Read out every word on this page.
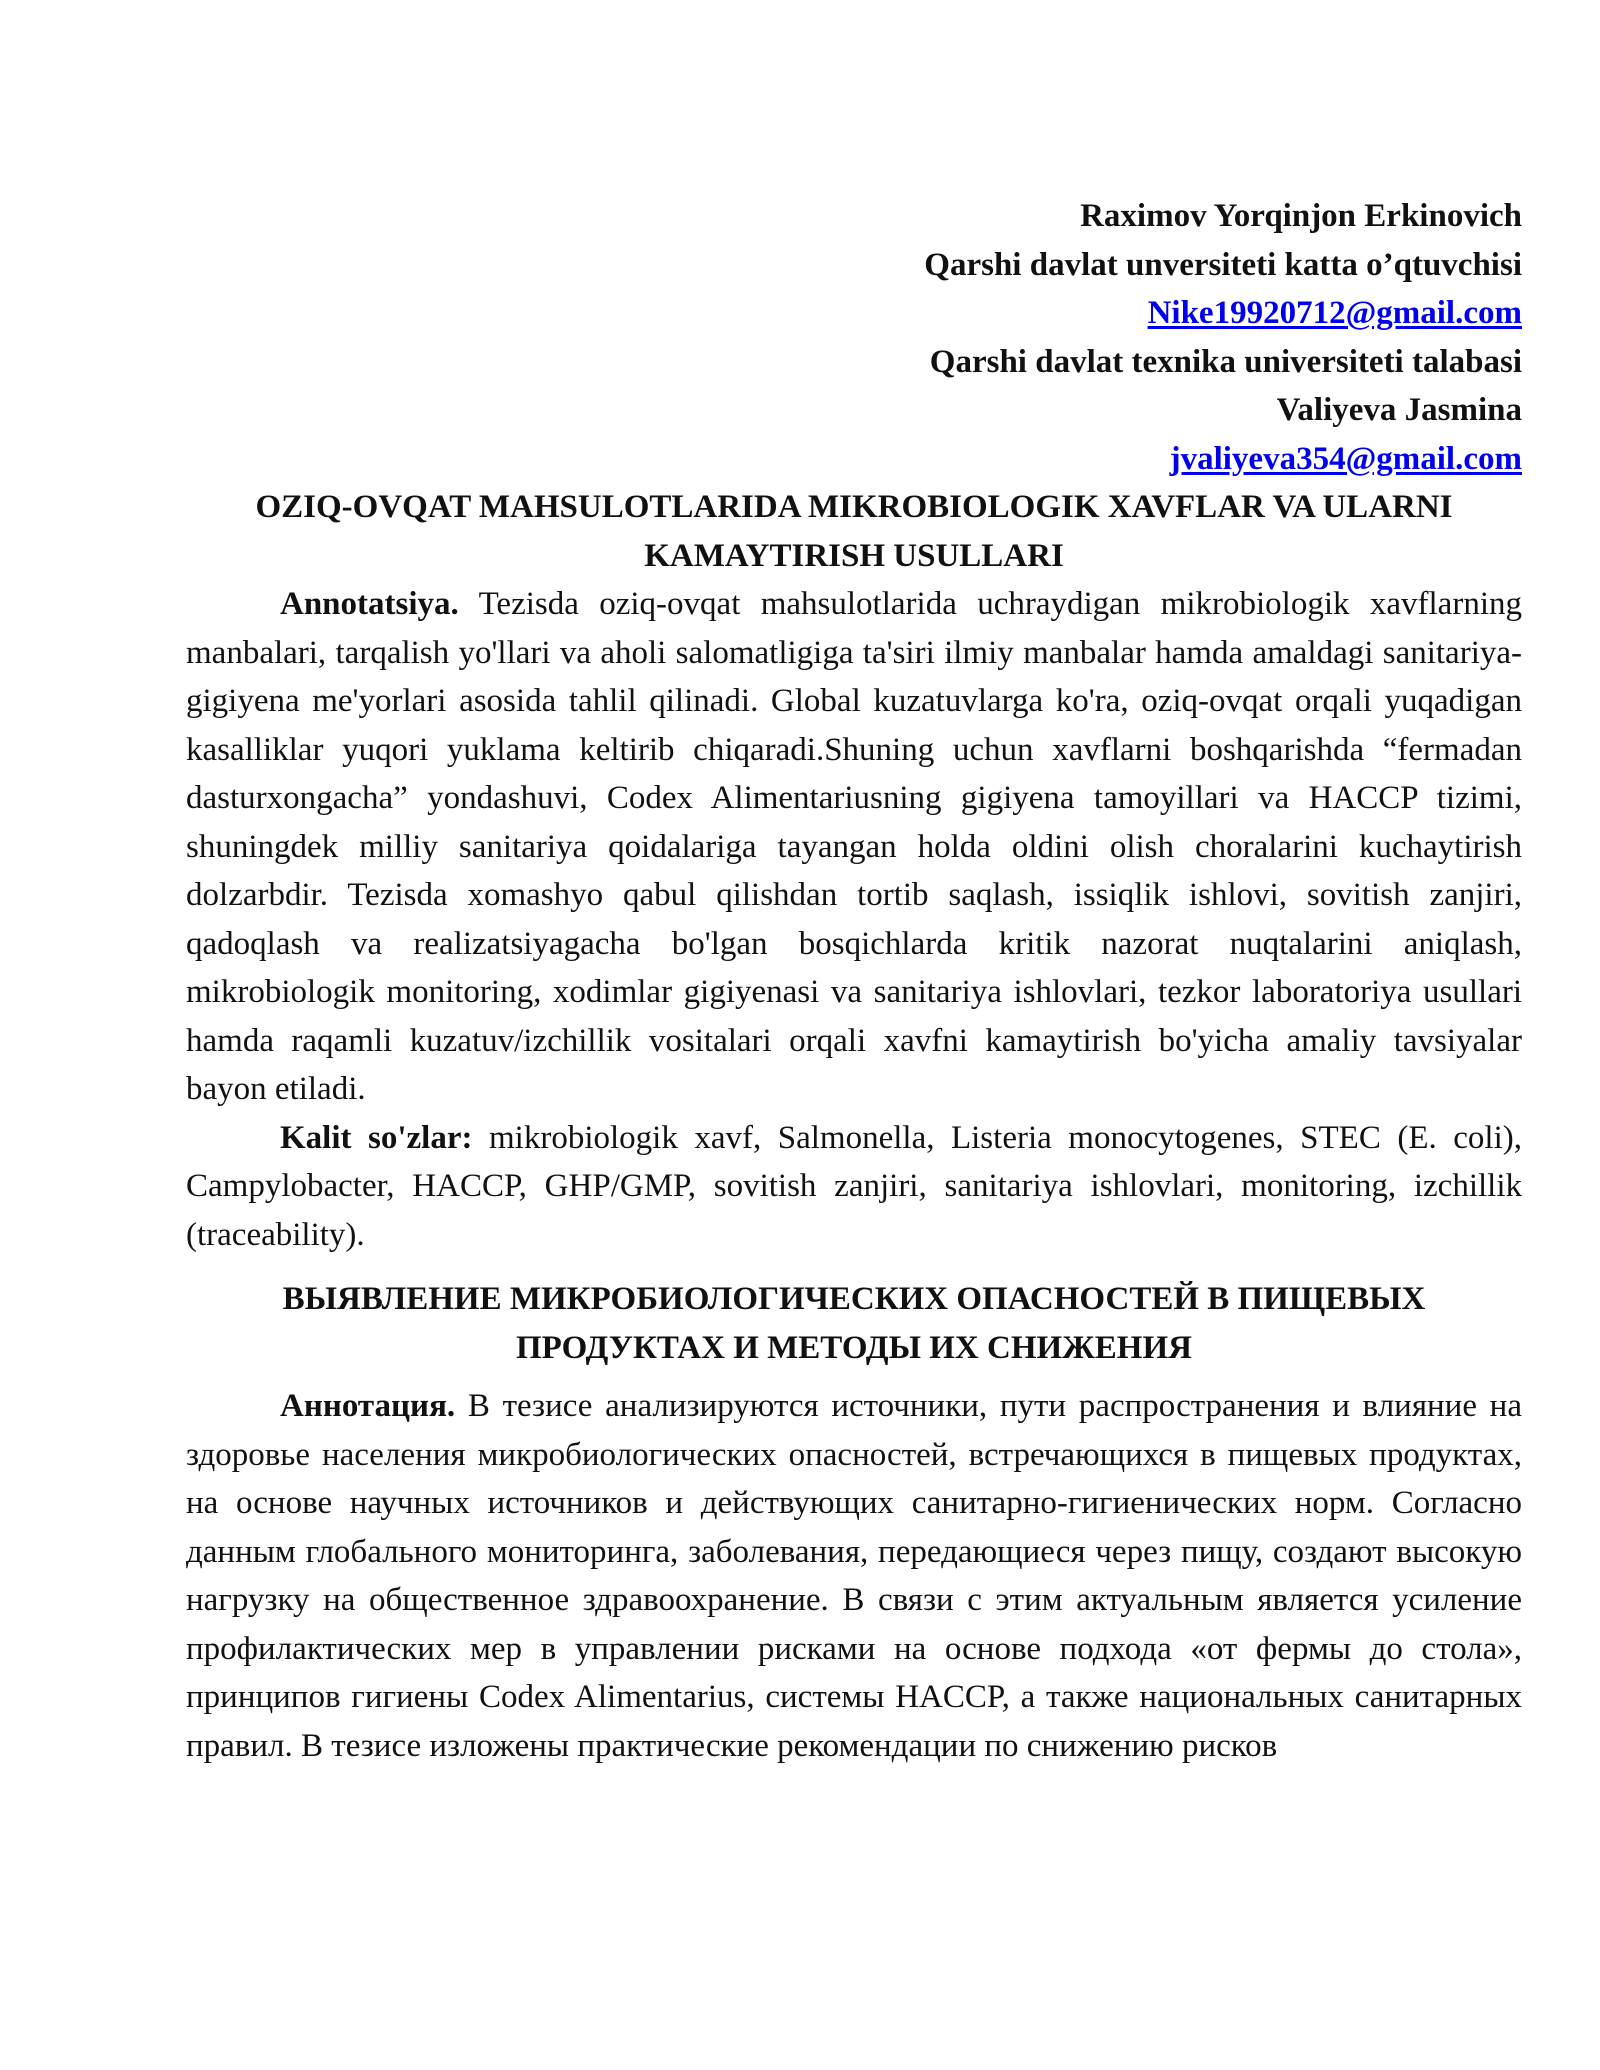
Raximov Yorqinjon Erkinovich
Qarshi davlat unversiteti katta o’qtuvchisi
Nike19920712@gmail.com
Qarshi davlat texnika universiteti talabasi
Valiyeva Jasmina
jvaliyeva354@gmail.com
OZIQ-OVQAT MAHSULOTLARIDA MIKROBIOLOGIK XAVFLAR VA ULARNI KAMAYTIRISH USULLARI

Annotatsiya. Tezisda oziq-ovqat mahsulotlarida uchraydigan mikrobiologik xavflarning manbalari, tarqalish yo'llari va aholi salomatligiga ta'siri ilmiy manbalar hamda amaldagi sanitariya-gigiyena me'yorlari asosida tahlil qilinadi. Global kuzatuvlarga ko'ra, oziq-ovqat orqali yuqadigan kasalliklar yuqori yuklama keltirib chiqaradi.Shuning uchun xavflarni boshqarishda “fermadan dasturxongacha” yondashuvi, Codex Alimentariusning gigiyena tamoyillari va HACCP tizimi, shuningdek milliy sanitariya qoidalariga tayangan holda oldini olish choralarini kuchaytirish dolzarbdir. Tezisda xomashyo qabul qilishdan tortib saqlash, issiqlik ishlovi, sovitish zanjiri, qadoqlash va realizatsiyagacha bo'lgan bosqichlarda kritik nazorat nuqtalarini aniqlash, mikrobiologik monitoring, xodimlar gigiyenasi va sanitariya ishlovlari, tezkor laboratoriya usullari hamda raqamli kuzatuv/izchillik vositalari orqali xavfni kamaytirish bo'yicha amaliy tavsiyalar bayon etiladi.

Kalit so'zlar: mikrobiologik xavf, Salmonella, Listeria monocytogenes, STEC (E. coli), Campylobacter, HACCP, GHP/GMP, sovitish zanjiri, sanitariya ishlovlari, monitoring, izchillik (traceability).

ВЫЯВЛЕНИЕ МИКРОБИОЛОГИЧЕСКИХ ОПАСНОСТЕЙ В ПИЩЕВЫХ ПРОДУКТАХ И МЕТОДЫ ИХ СНИЖЕНИЯ

Аннотация. В тезисе анализируются источники, пути распространения и влияние на здоровье населения микробиологических опасностей, встречающихся в пищевых продуктах, на основе научных источников и действующих санитарно-гигиенических норм. Согласно данным глобального мониторинга, заболевания, передающиеся через пищу, создают высокую нагрузку на общественное здравоохранение. В связи с этим актуальным является усиление профилактических мер в управлении рисками на основе подхода «от фермы до стола», принципов гигиены Codex Alimentarius, системы HACCP, а также национальных санитарных правил. В тезисе изложены практические рекомендации по снижению рисков
